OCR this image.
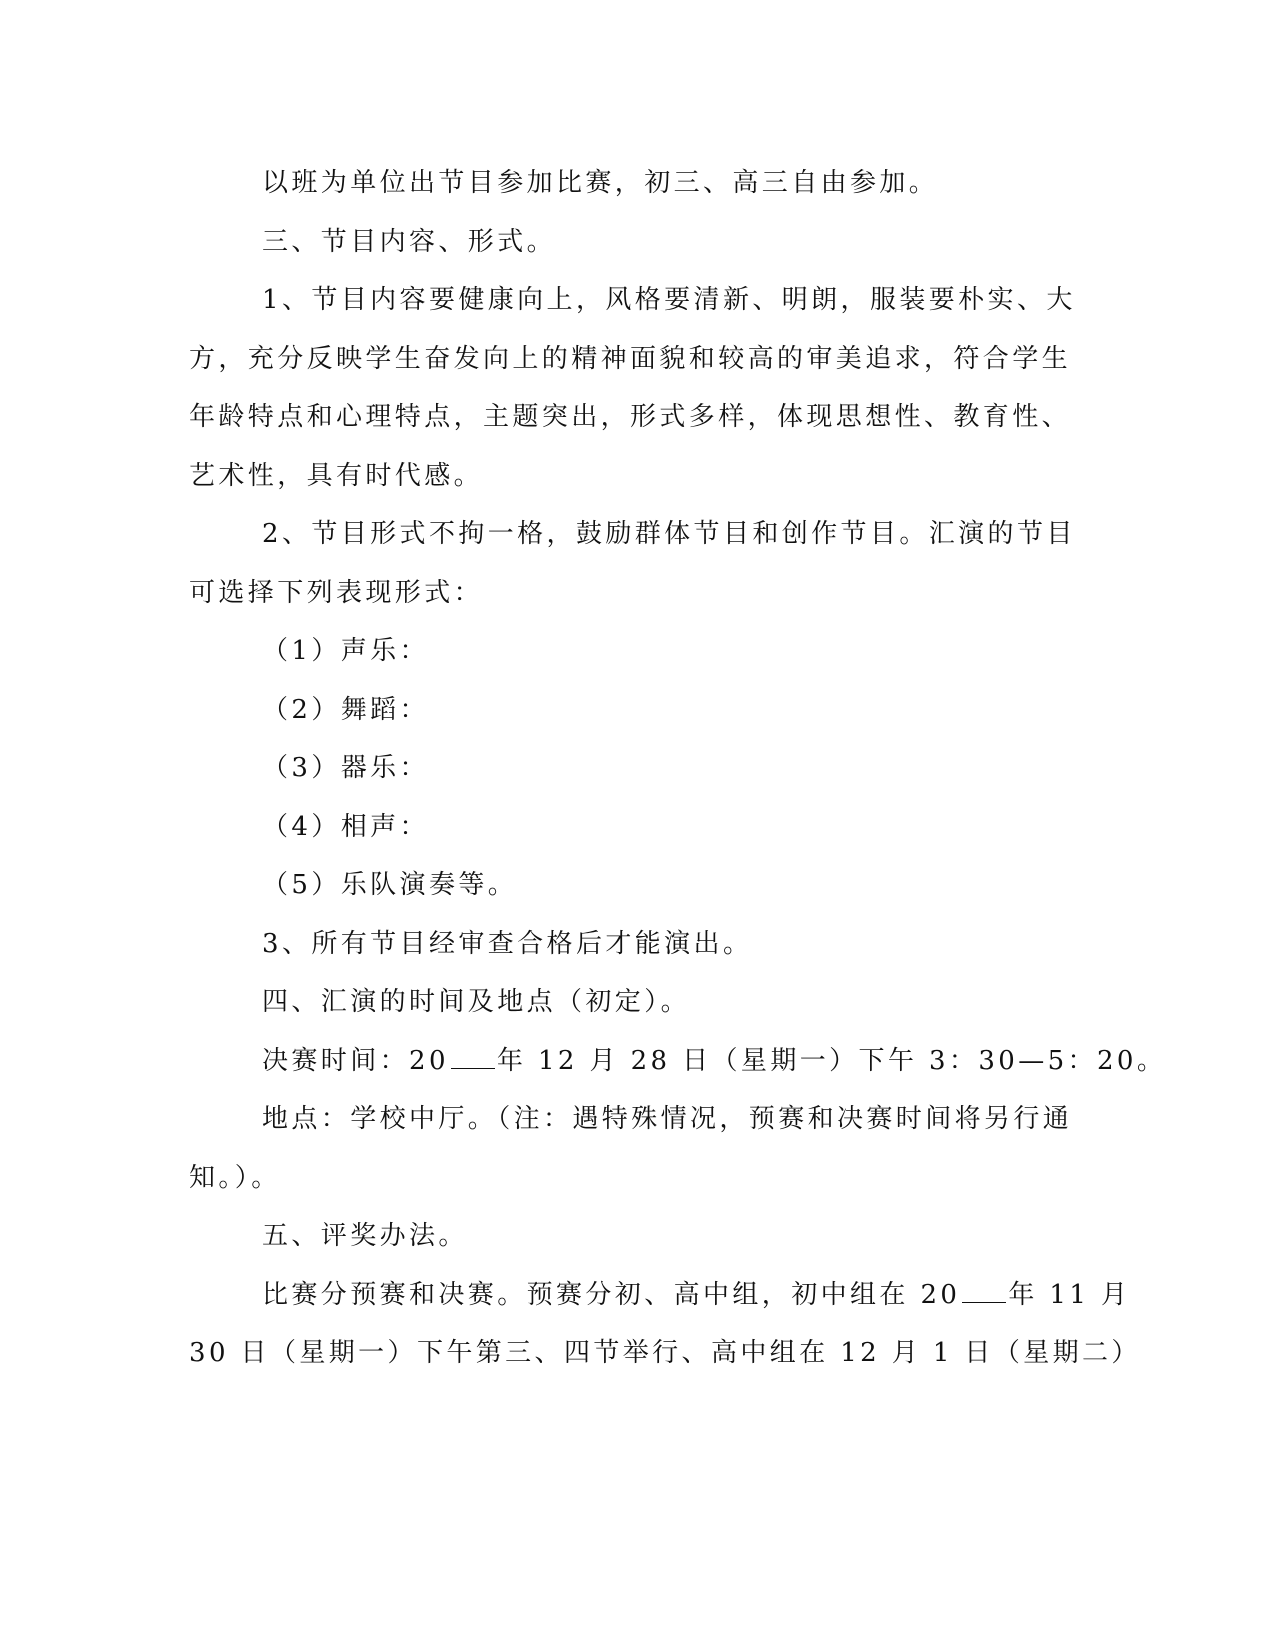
以班为单位出节目参加比赛，初三、高三自由参加。
三、节目内容、形式。
1、节目内容要健康向上，风格要清新、明朗，服装要朴实、大
方，充分反映学生奋发向上的精神面貌和较高的审美追求，符合学生
年龄特点和心理特点，主题突出，形式多样，体现思想性、教育性、
艺术性，具有时代感。
2、节目形式不拘一格，鼓励群体节目和创作节目。汇演的节目
可选择下列表现形式：
（1）声乐：
（2）舞蹈：
（3）器乐：
（4）相声：
（5）乐队演奏等。
3、所有节目经审查合格后才能演出。
四、汇演的时间及地点（初定）。
决赛时间：20 年 12 月 28 日（星期一）下午 3：30—5：20。
地点：学校中厅。（注：遇特殊情况，预赛和决赛时间将另行通
知。）。
五、评奖办法。
比赛分预赛和决赛。预赛分初、高中组，初中组在 20 年 11 月
30 日（星期一）下午第三、四节举行、高中组在 12 月 1 日（星期二）
